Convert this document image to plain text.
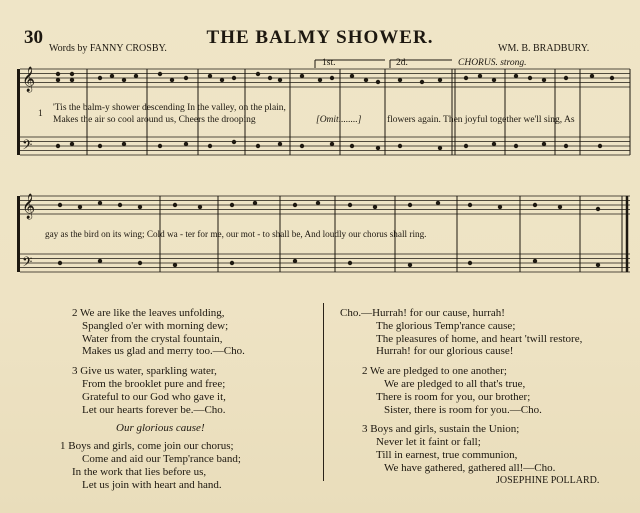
30
Words by FANNY CROSBY.
THE BALMY SHOWER.
WM. B. BRADBURY.
𝄞
𝄢
𝄞
𝄢
1st.	2d.	CHORUS. strong.
1
'Tis the balm-y shower descending In the valley, on the plain,
Makes the air so cool around us, Cheers the drooping	[Omit........]	flowers again. Then joyful together we'll sing, As
gay as the bird on its wing; Cold wa - ter for me, our mot - to shall be, And loudly our chorus shall ring.
2 We are like the leaves unfolding,
Spangled o'er with morning dew;
Water from the crystal fountain,
Makes us glad and merry too.—Cho.
3 Give us water, sparkling water,
From the brooklet pure and free;
Grateful to our God who gave it,
Let our hearts forever be.—Cho.
Our glorious cause!
1 Boys and girls, come join our chorus;
Come and aid our Temp'rance band;
In the work that lies before us,
Let us join with heart and hand.
Cho.—Hurrah! for our cause, hurrah!
The glorious Temp'rance cause;
The pleasures of home, and heart 'twill restore,
Hurrah! for our glorious cause!
2 We are pledged to one another;
We are pledged to all that's true,
There is room for you, our brother;
Sister, there is room for you.—Cho.
3 Boys and girls, sustain the Union;
Never let it faint or fall;
Till in earnest, true communion,
We have gathered, gathered all!—Cho.
JOSEPHINE POLLARD.
